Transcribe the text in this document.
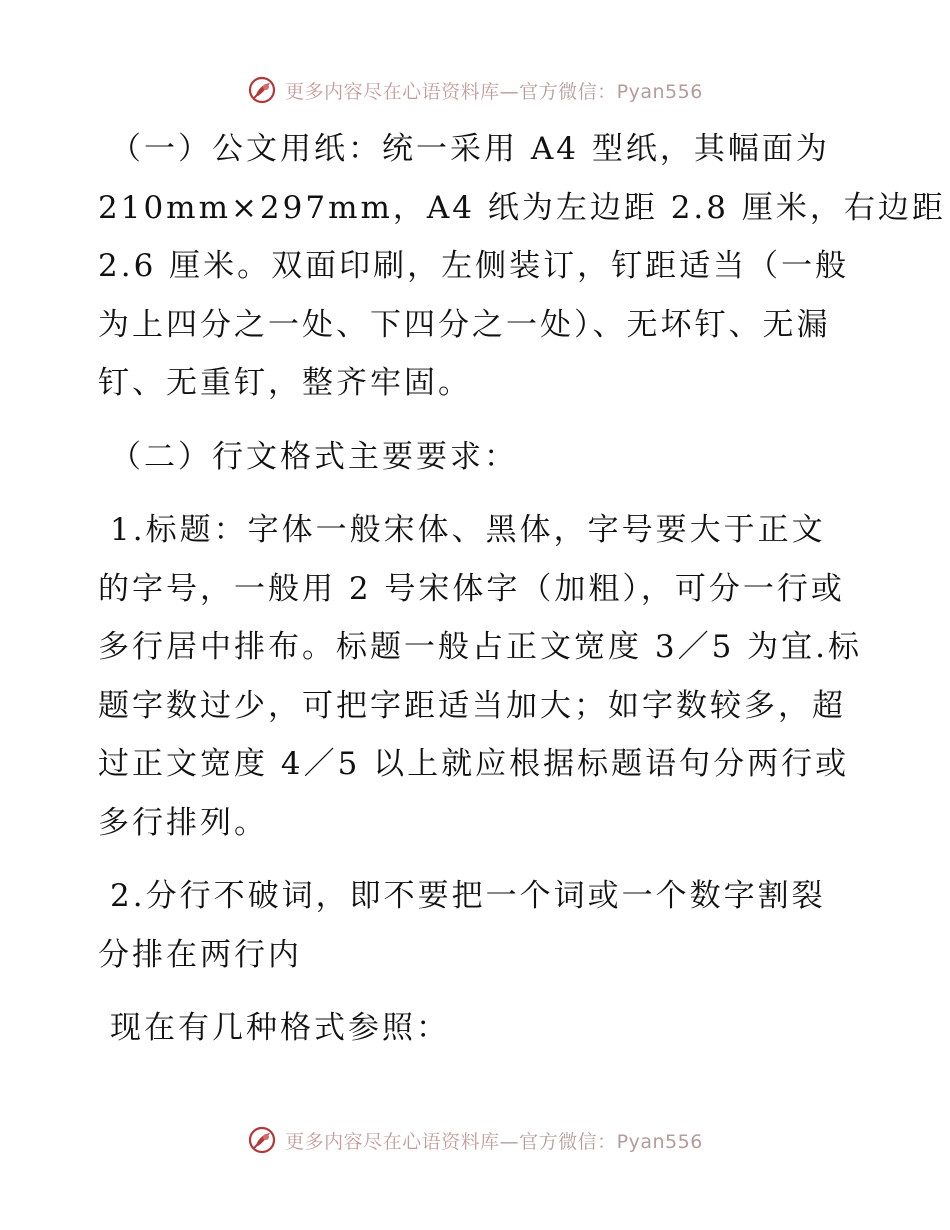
更多内容尽在心语资料库—官方微信：Pyan556
（一）公文用纸：统一采用 A4 型纸，其幅面为
210mm×297mm，A4 纸为左边距 2.8 厘米，右边距
2.6 厘米。双面印刷，左侧装订，钉距适当（一般
为上四分之一处、下四分之一处）、无坏钉、无漏
钉、无重钉，整齐牢固。
（二）行文格式主要要求：
1.标题：字体一般宋体、黑体，字号要大于正文
的字号，一般用 2 号宋体字（加粗），可分一行或
多行居中排布。标题一般占正文宽度 3／5 为宜.标
题字数过少，可把字距适当加大；如字数较多，超
过正文宽度 4／5 以上就应根据标题语句分两行或
多行排列。
2.分行不破词，即不要把一个词或一个数字割裂
分排在两行内
现在有几种格式参照：
更多内容尽在心语资料库—官方微信：Pyan556
